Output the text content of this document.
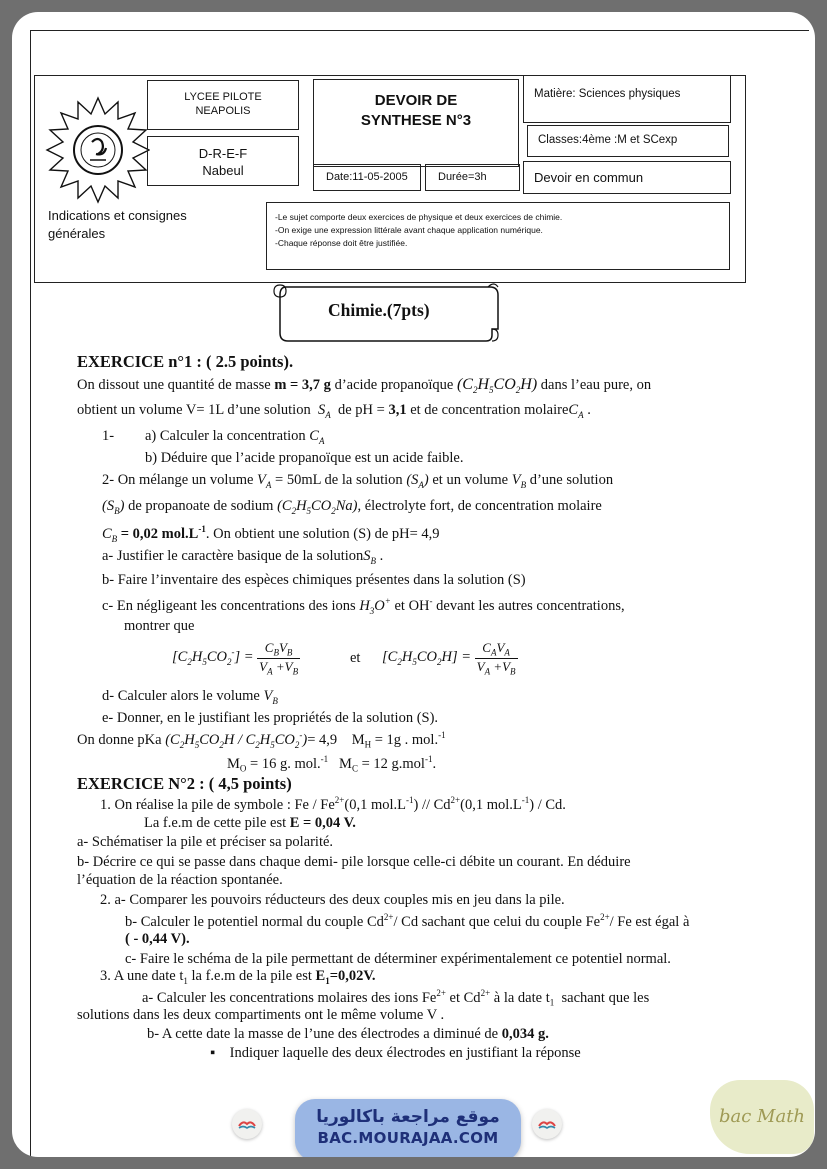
LYCEE PILOTE
NEAPOLIS
D-R-E-F
Nabeul
DEVOIR DE
SYNTHESE N°3
Date:11-05-2005	Durée=3h
Matière: Sciences physiques
Classes:4ème :M et SCexp
Devoir en commun
Indications et consignes
générales
-Le sujet comporte deux exercices de physique et deux exercices de chimie.
-On exige une expression littérale avant chaque application numérique.
-Chaque réponse doit être justifiée.
Chimie.(7pts)
EXERCICE n°1 : ( 2.5 points).
On dissout une quantité de masse m = 3,7 g d’acide propanoïque $(C_2H_5CO_2H)$ dans l’eau pure, on
obtient un volume V= 1L d’une solution  $S_A$ de pH = 3,1 et de concentration molaireC$_A$ .
1- a) Calculer la concentration $C_A$
b) Déduire que l’acide propanoïque est un acide faible.
2- On mélange un volume $V_A = 50mL$ de la solution $(S_A)$ et un volume $V_B$ d’une solution
$(S_B)$ de propanoate de sodium $(C_2H_5CO_2Na)$, électrolyte fort, de concentration molaire
$C_B = 0,02$ $mol.L^{-1}$. On obtient une solution (S) de pH= 4,9
a- Justifier le caractère basique de la solutionS$_B$ .
b- Faire l’inventaire des espèces chimiques présentes dans la solution (S)
c- En négligeant les concentrations des ions $H_3O^+$ et OH- devant les autres concentrations,
montrer que
$[C_2H_5CO_2^-] = \frac{C_BV_B}{V_A +V_B}$	et $[C_2H_5CO_2H] = \frac{C_AV_A}{V_A +V_B}$
d- Calculer alors le volume $V_B$
e- Donner, en le justifiant les propriétés de la solution (S).
On donne pKa $(C_2H_5CO_2H / C_2H_5CO_2^-)= 4,9$ $M_H = 1g$ . mol.$^{-1}$
$M_O = 16$ g. mol.$^{-1}$   $M_C = 12$ g.mol$^{-1}$.
EXERCICE N°2 : ( 4,5 points)
1. On réalise la pile de symbole : Fe / $Fe^{2+}(0,1$ $mol.L^{-1}) // Cd^{2+}(0,1$ $mol.L^{-1}$) / Cd.
La f.e.m de cette pile est E = 0,04 V.
a- Schématiser la pile et préciser sa polarité.
b- Décrire ce qui se passe dans chaque demi- pile lorsque celle-ci débite un courant. En déduire
l’équation de la réaction spontanée.
2. a- Comparer les pouvoirs réducteurs des deux couples mis en jeu dans la pile.
b- Calculer le potentiel normal du couple $Cd^{2+}/$ Cd sachant que celui du couple $Fe^{2+}/$ Fe est égal à
( - 0,44 V).
c- Faire le schéma de la pile permettant de déterminer expérimentalement ce potentiel normal.
3. A une date $t_1$ la f.e.m de la pile est $E_1=0,02V$.
a- Calculer les concentrations molaires des ions $Fe^{2+}$ et $Cd^{2+}$ à la date $t_1$ sachant que les
solutions dans les deux compartiments ont le même volume V .
b- A cette date la masse de l’une des électrodes a diminué de 0,034 g.
▪    Indiquer laquelle des deux électrodes en justifiant la réponse
موقع مراجعة باكالوريا
BAC.MOURAJAA.COM
bac Math
